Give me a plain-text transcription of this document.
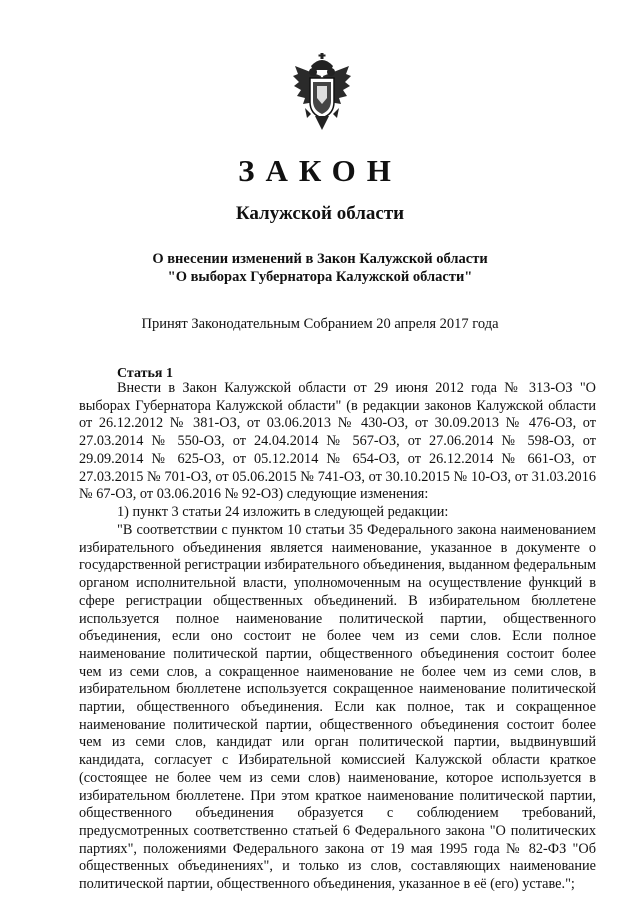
ЗАКОН
Калужской области
О внесении изменений в Закон Калужской области
"О выборах Губернатора Калужской области"
Принят Законодательным Собранием 20 апреля 2017 года
Статья 1

Внести в Закон Калужской области от 29 июня 2012 года № 313-ОЗ "О выборах Губернатора Калужской области" (в редакции законов Калужской области от 26.12.2012 № 381-ОЗ, от 03.06.2013 № 430-ОЗ, от 30.09.2013 № 476-ОЗ, от 27.03.2014 № 550-ОЗ, от 24.04.2014 № 567-ОЗ, от 27.06.2014 № 598-ОЗ, от 29.09.2014 № 625-ОЗ, от 05.12.2014 № 654-ОЗ, от 26.12.2014 № 661-ОЗ, от 27.03.2015 № 701-ОЗ, от 05.06.2015 № 741-ОЗ, от 30.10.2015 № 10-ОЗ, от 31.03.2016 № 67-ОЗ, от 03.06.2016 № 92-ОЗ) следующие изменения:

1) пункт 3 статьи 24 изложить в следующей редакции:

"В соответствии с пунктом 10 статьи 35 Федерального закона наименованием избирательного объединения является наименование, указанное в документе о государственной регистрации избирательного объединения, выданном федеральным органом исполнительной власти, уполномоченным на осуществление функций в сфере регистрации общественных объединений. В избирательном бюллетене используется полное наименование политической партии, общественного объединения, если оно состоит не более чем из семи слов. Если полное наименование политической партии, общественного объединения состоит более чем из семи слов, а сокращенное наименование не более чем из семи слов, в избирательном бюллетене используется сокращенное наименование политической партии, общественного объединения. Если как полное, так и сокращенное наименование политической партии, общественного объединения состоит более чем из семи слов, кандидат или орган политической партии, выдвинувший кандидата, согласует с Избирательной комиссией Калужской области краткое (состоящее не более чем из семи слов) наименование, которое используется в избирательном бюллетене. При этом краткое наименование политической партии, общественного объединения образуется с соблюдением требований, предусмотренных соответственно статьей 6 Федерального закона "О политических партиях", положениями Федерального закона от 19 мая 1995 года № 82-ФЗ "Об общественных объединениях", и только из слов, составляющих наименование политической партии, общественного объединения, указанное в её (его) уставе.";
